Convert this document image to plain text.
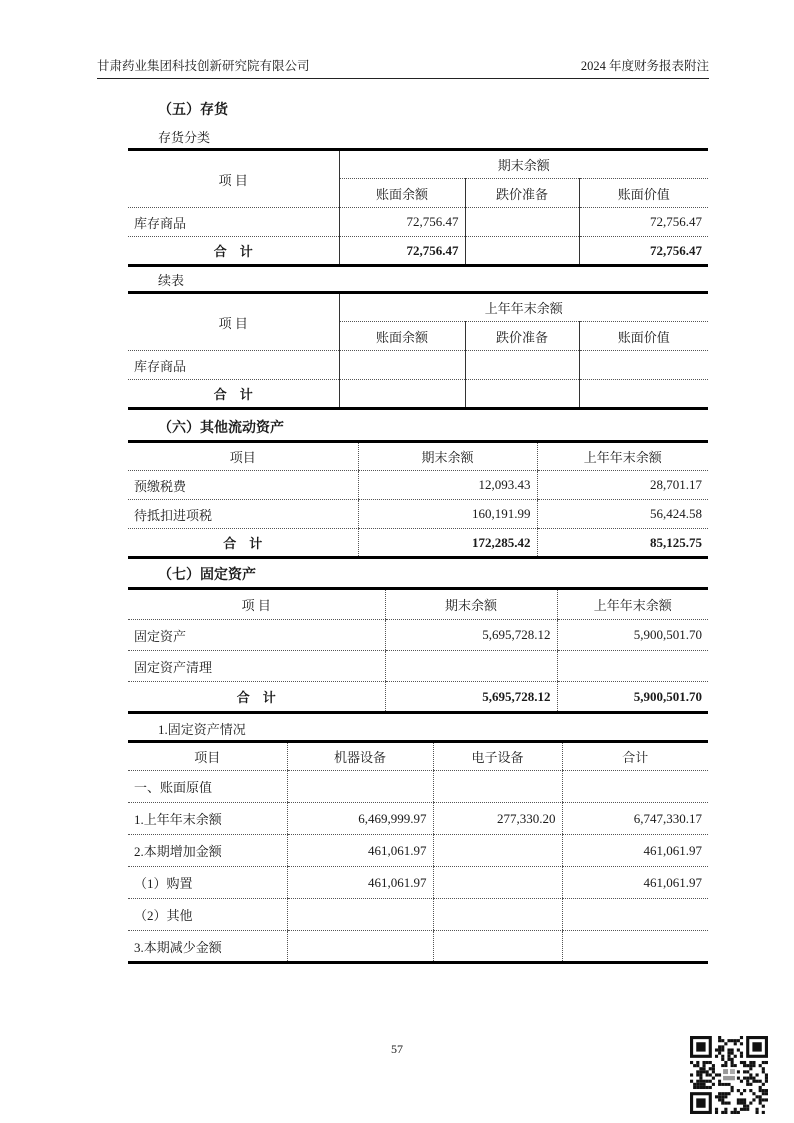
甘肃药业集团科技创新研究院有限公司	2024 年度财务报表附注
（五）存货

存货分类

项 目	期末余额		
	账面余额	跌价准备	账面价值
库存商品	72,756.47		72,756.47
合　计	72,756.47		72,756.47

续表

项 目	上年年末余额		
	账面余额	跌价准备	账面价值
库存商品			
合　计			
（六）其他流动资产
项目	期末余额	上年年末余额
预缴税费	12,093.43	28,701.17
待抵扣进项税	160,191.99	56,424.58
合　计	172,285.42	85,125.75
（七）固定资产
项 目	期末余额	上年年末余额
固定资产	5,695,728.12	5,900,501.70
固定资产清理		
合　计	5,695,728.12	5,900,501.70

1.固定资产情况

项目	机器设备	电子设备	合计
一、账面原值			
1.上年年末余额	6,469,999.97	277,330.20	6,747,330.17
2.本期增加金额	461,061.97		461,061.97
（1）购置	461,061.97		461,061.97
（2）其他			
3.本期减少金额			
57
